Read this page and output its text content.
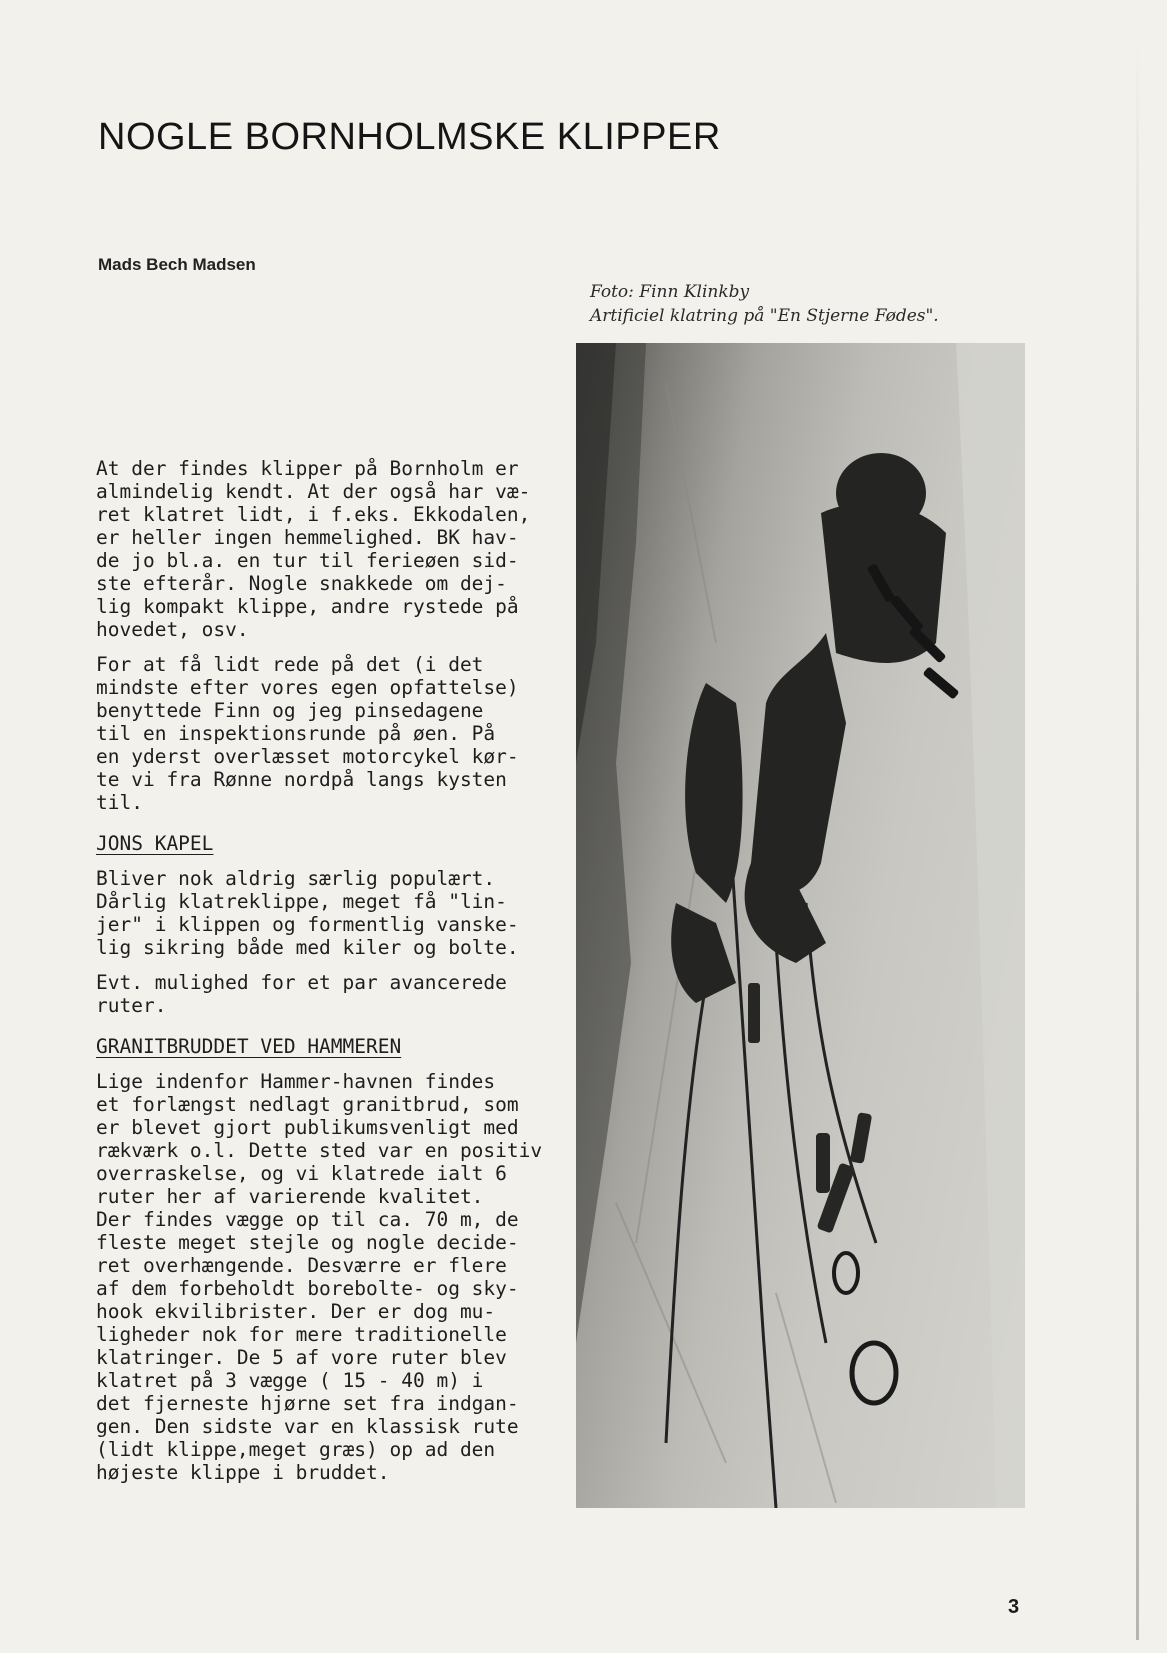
NOGLE BORNHOLMSKE KLIPPER
Mads Bech Madsen
Foto: Finn Klinkby
Artificiel klatring på "En Stjerne Fødes".

At der findes klipper på Bornholm er
almindelig kendt. At der også har væ-
ret klatret lidt, i f.eks. Ekkodalen,
er heller ingen hemmelighed. BK hav-
de jo bl.a. en tur til ferieøen sid-
ste efterår. Nogle snakkede om dej-
lig kompakt klippe, andre rystede på
hovedet, osv.

For at få lidt rede på det (i det
mindste efter vores egen opfattelse)
benyttede Finn og jeg pinsedagene
til en inspektionsrunde på øen. På
en yderst overlæsset motorcykel kør-
te vi fra Rønne nordpå langs kysten
til.

JONS KAPEL

Bliver nok aldrig særlig populært.
Dårlig klatreklippe, meget få "lin-
jer" i klippen og formentlig vanske-
lig sikring både med kiler og bolte.

Evt. mulighed for et par avancerede
ruter.

GRANITBRUDDET VED HAMMEREN

Lige indenfor Hammer-havnen findes
et forlængst nedlagt granitbrud, som
er blevet gjort publikumsvenligt med
rækværk o.l. Dette sted var en positiv
overraskelse, og vi klatrede ialt 6
ruter her af varierende kvalitet.
Der findes vægge op til ca. 70 m, de
fleste meget stejle og nogle decide-
ret overhængende. Desværre er flere
af dem forbeholdt borebolte- og sky-
hook ekvilibrister. Der er dog mu-
ligheder nok for mere traditionelle
klatringer. De 5 af vore ruter blev
klatret på 3 vægge ( 15 - 40 m) i
det fjerneste hjørne set fra indgan-
gen. Den sidste var en klassisk rute
(lidt klippe,meget græs) op ad den
højeste klippe i bruddet.

3
